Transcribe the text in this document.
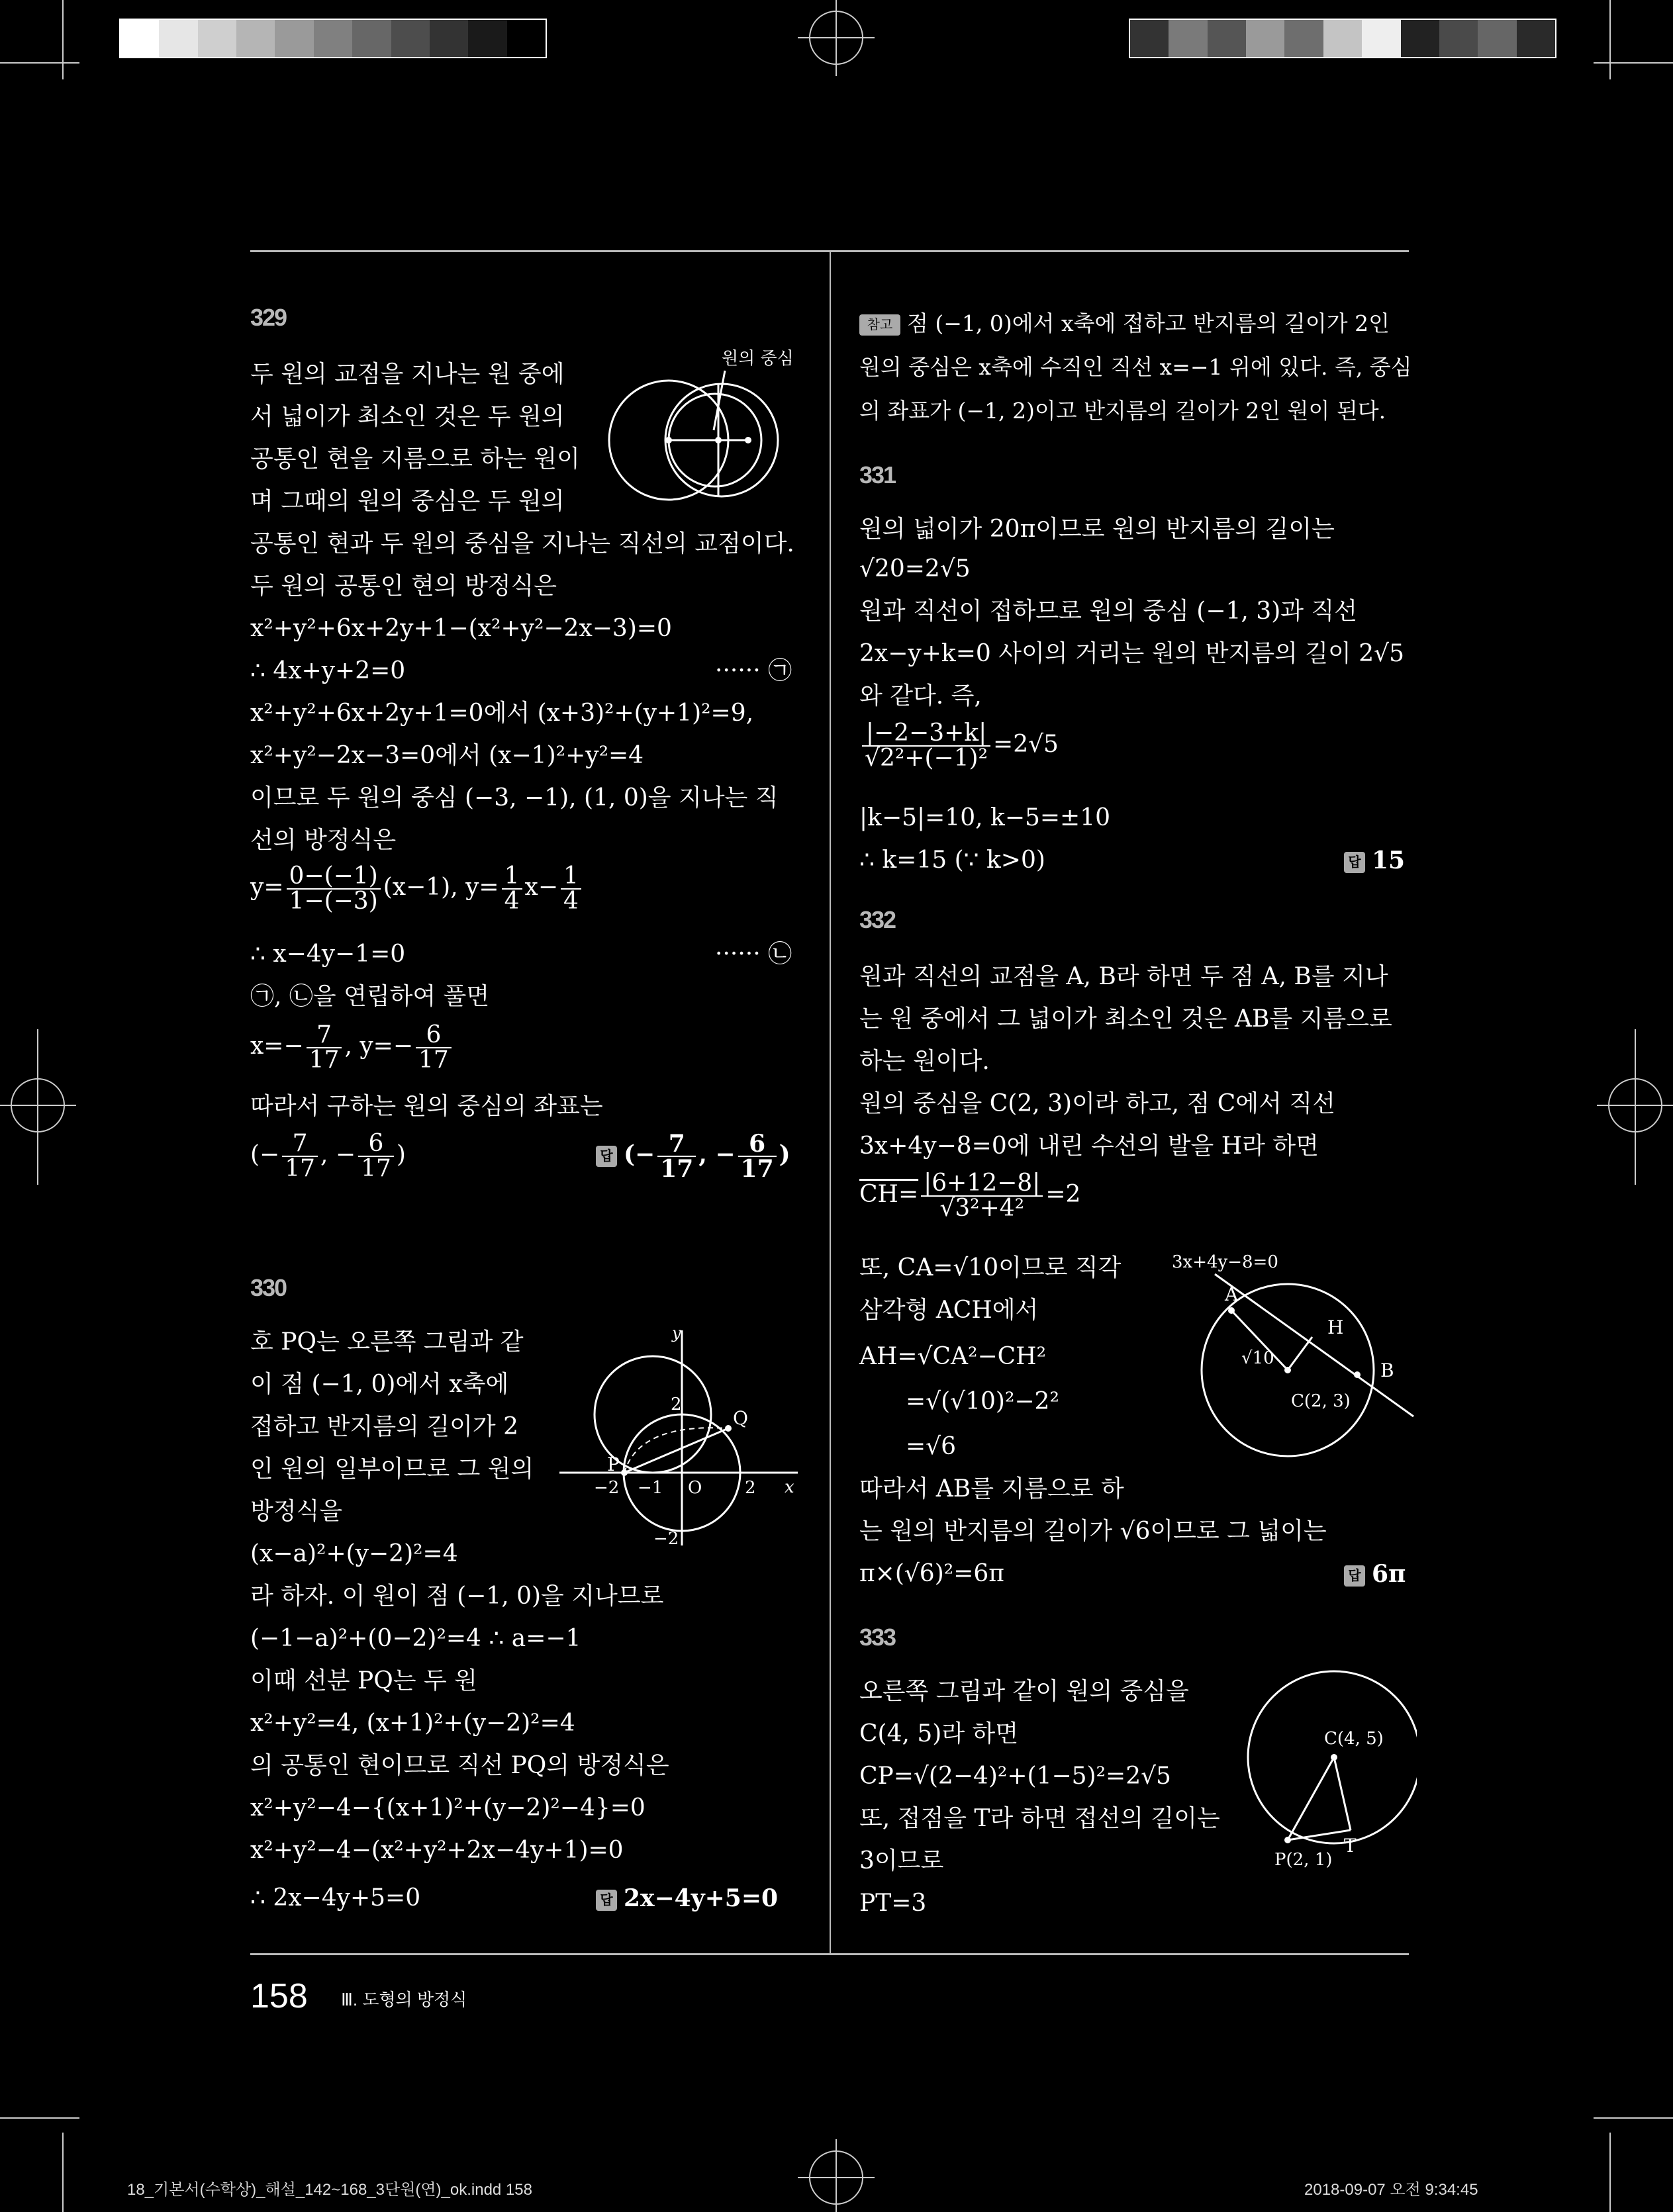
329
두 원의 교점을 지나는 원 중에
서 넓이가 최소인 것은 두 원의
공통인 현을 지름으로 하는 원이
며 그때의 원의 중심은 두 원의
공통인 현과 두 원의 중심을 지나는 직선의 교점이다.
두 원의 공통인 현의 방정식은
x²+y²+6x+2y+1−(x²+y²−2x−3)=0
∴ 4x+y+2=0	······ ㉠
x²+y²+6x+2y+1=0에서 (x+3)²+(y+1)²=9,
x²+y²−2x−3=0에서 (x−1)²+y²=4
이므로 두 원의 중심 (−3, −1), (1, 0)을 지나는 직
선의 방정식은
$y= \frac{0-(-1)}{1-(-3)} (x-1)$, $y= \frac{1}{4} x- \frac{1}{4}$
∴ x−4y−1=0	······ ㉡
㉠, ㉡을 연립하여 풀면
$x=- \frac{7}{17}$ , $y=- \frac{6}{17}$
따라서 구하는 원의 중심의 좌표는
(− $\frac{7}{17}$ , − $\frac{6}{17}$ )	답 (− $\frac{7}{17}$ , − $\frac{6}{17}$ )
원의 중심
330
호 PQ는 오른쪽 그림과 같
이 점 (−1, 0)에서 x축에
접하고 반지름의 길이가 2
인 원의 일부이므로 그 원의
방정식을
(x−a)²+(y−2)²=4
라 하자. 이 원이 점 (−1, 0)을 지나므로
(−1−a)²+(0−2)²=4 ∴ a=−1
이때 선분 PQ는 두 원
x²+y²=4, (x+1)²+(y−2)²=4
의 공통인 현이므로 직선 PQ의 방정식은
x²+y²−4−{(x+1)²+(y−2)²−4}=0
x²+y²−4−(x²+y²+2x−4y+1)=0
∴ 2x−4y+5=0	답 2x−4y+5=0
y
x
2
Q
P
−2 −1 O 2
−2
참고 점 (−1, 0)에서 x축에 접하고 반지름의 길이가 2인
원의 중심은 x축에 수직인 직선 x=−1 위에 있다. 즉, 중심
의 좌표가 (−1, 2)이고 반지름의 길이가 2인 원이 된다.
331
원의 넓이가 20π이므로 원의 반지름의 길이는
√20=2√5
원과 직선이 접하므로 원의 중심 (−1, 3)과 직선
2x−y+k=0 사이의 거리는 원의 반지름의 길이 2√5
와 같다. 즉,
$\frac{|-2-3+k|}{\text{√2²+(−1)²}} =2√5$
|k−5|=10, k−5=±10
∴ k=15 (∵ k>0)	답 15
332
원과 직선의 교점을 A, B라 하면 두 점 A, B를 지나
는 원 중에서 그 넓이가 최소인 것은 AB를 지름으로
하는 원이다.
원의 중심을 C(2, 3)이라 하고, 점 C에서 직선
3x+4y−8=0에 내린 수선의 발을 H라 하면
$CH= \frac{|6+12-8|}{\text{√3²+4²}} =2$
또, CA=√10이므로 직각
삼각형 ACH에서
AH=√CA²−CH²
=√(√10)²−2²
=√6
따라서 AB를 지름으로 하
는 원의 반지름의 길이가 √6이므로 그 넓이는
π×(√6)²=6π	답 6π
3x+4y−8=0
A
H
B
√10
C(2, 3)
333
오른쪽 그림과 같이 원의 중심을
C(4, 5)라 하면
CP=√(2−4)²+(1−5)²=2√5
또, 접점을 T라 하면 접선의 길이는
3이므로
PT=3
C(4, 5)
T
P(2, 1)
158 Ⅲ. 도형의 방정식
18_기본서(수학상)_해설_142~168_3단원(연)_ok.indd 158	2018-09-07 오전 9:34:45
